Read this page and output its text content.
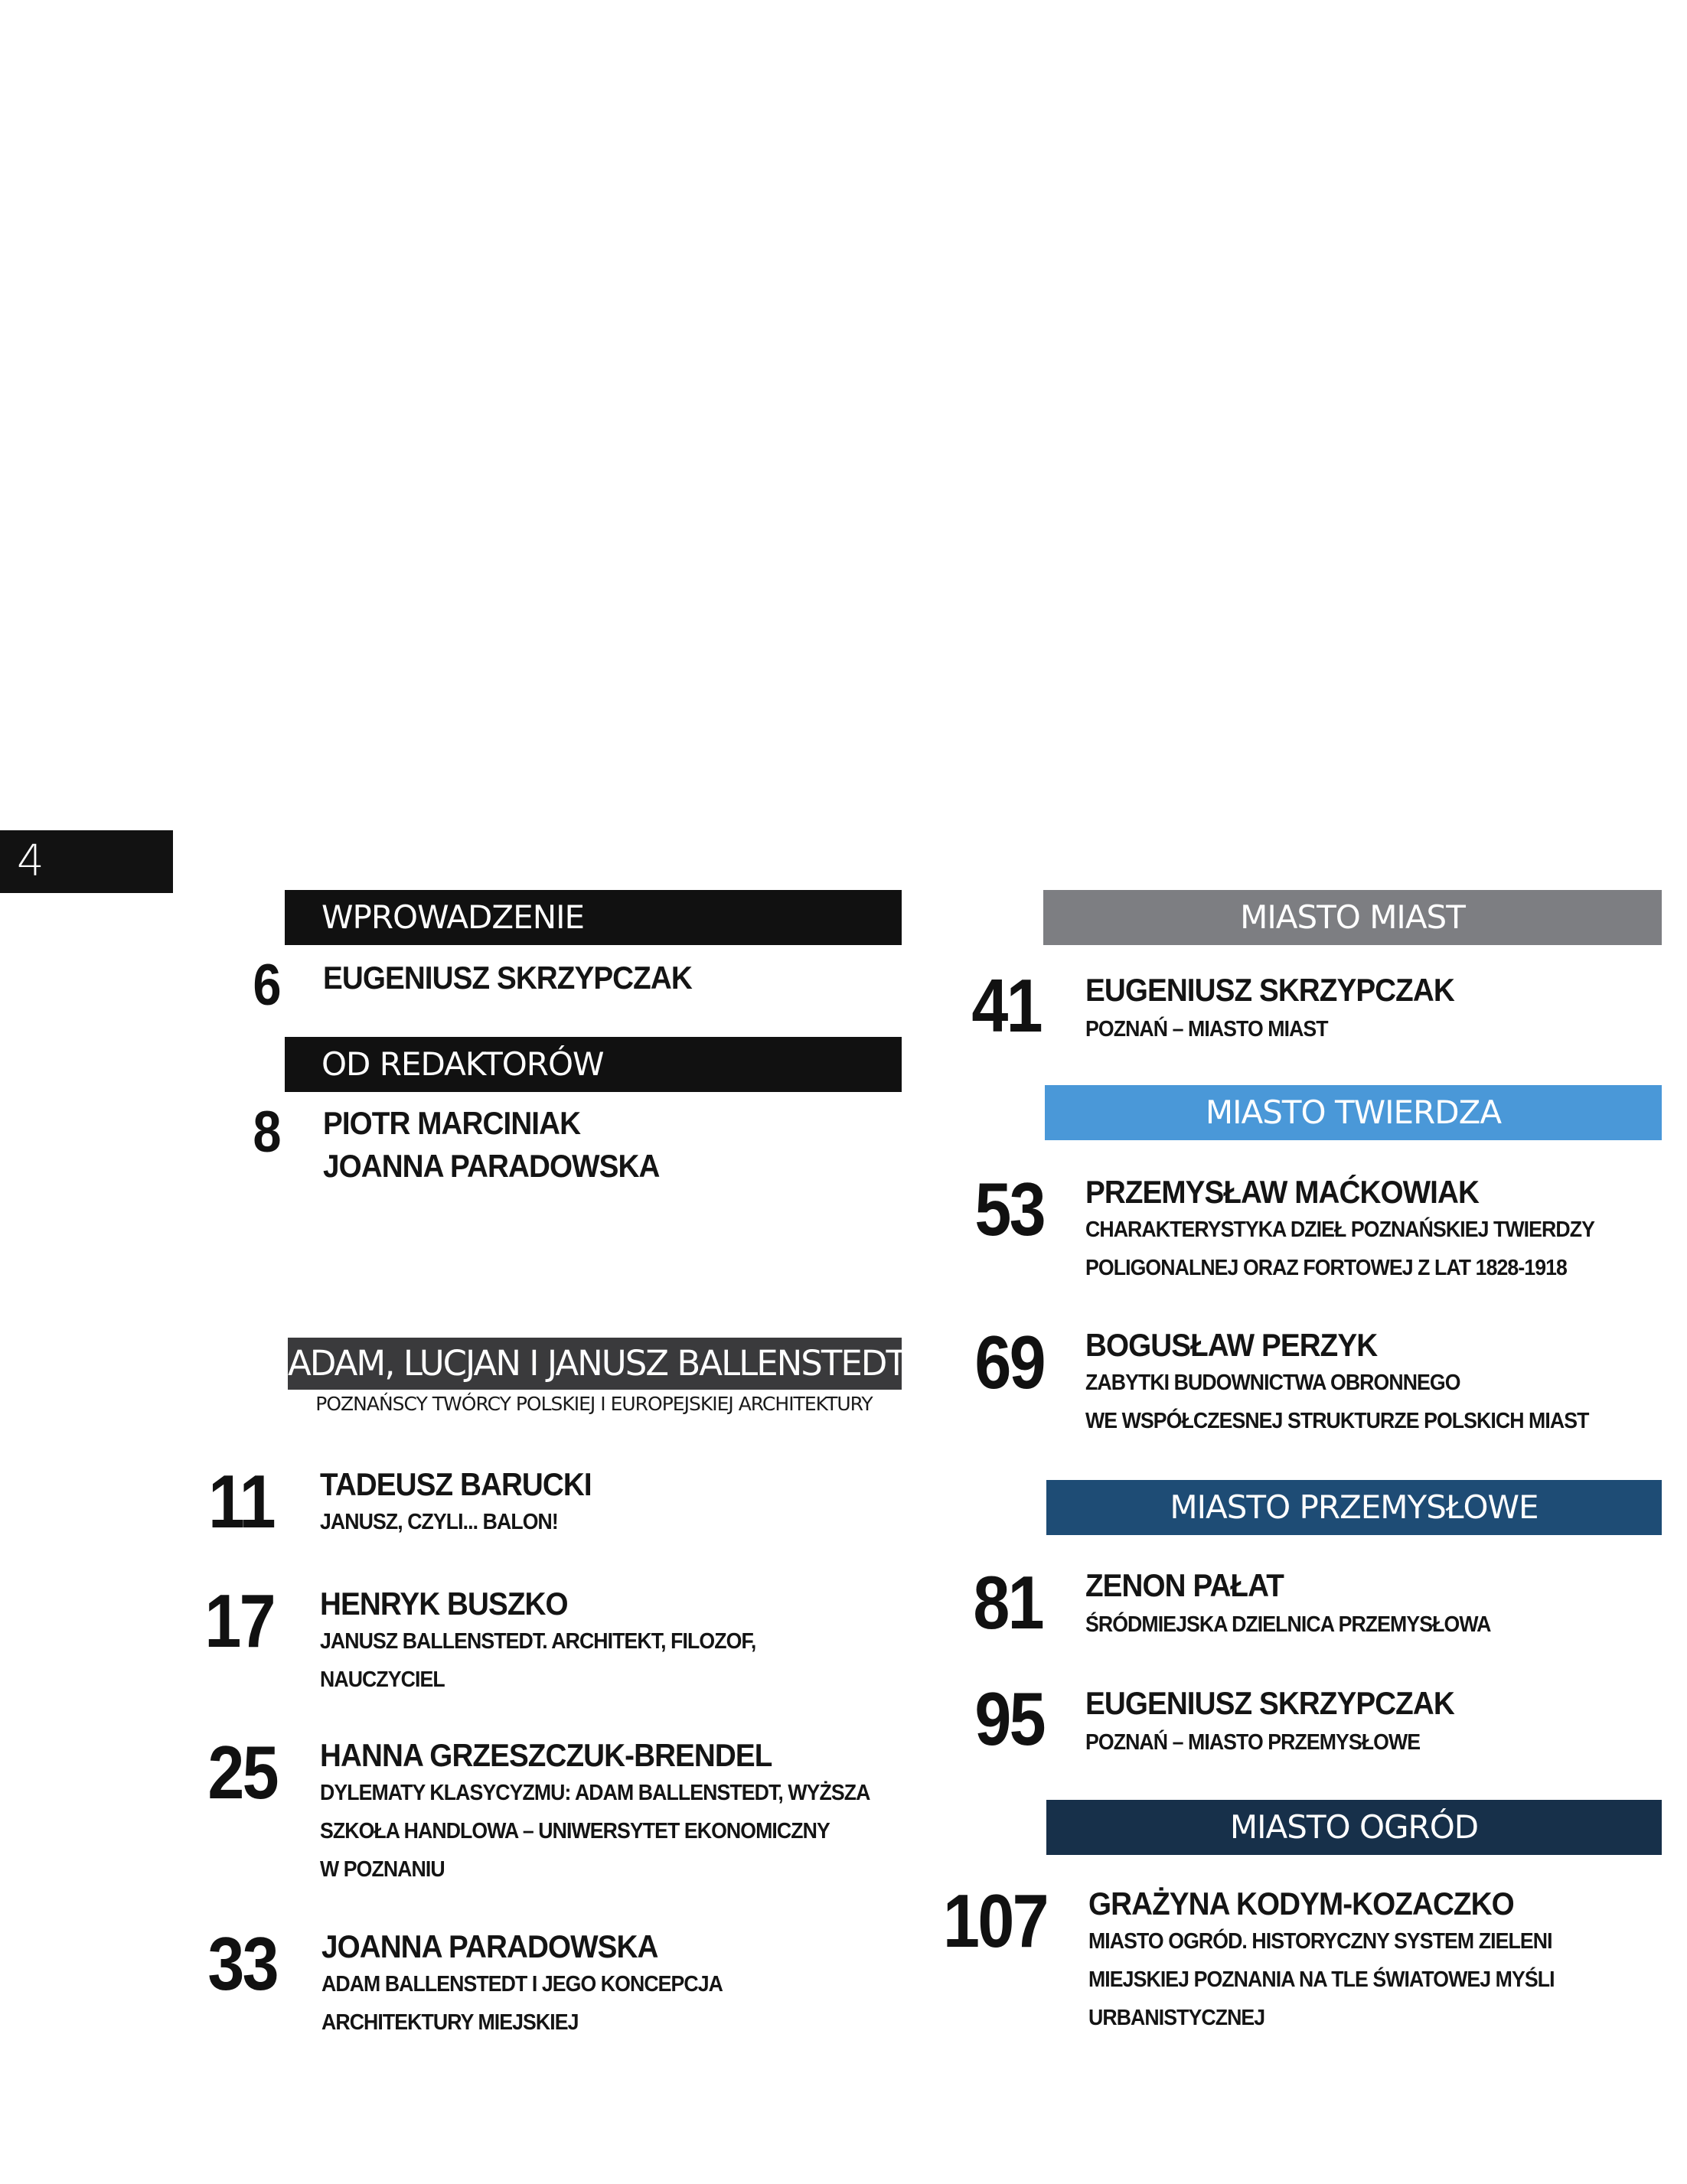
4
WPROWADZENIE
6 EUGENIUSZ SKRZYPCZAK
OD REDAKTORÓW
8 PIOTR MARCINIAK
JOANNA PARADOWSKA
ADAM, LUCJAN I JANUSZ BALLENSTEDT
POZNAŃSCY TWÓRCY POLSKIEJ I EUROPEJSKIEJ ARCHITEKTURY
11 TADEUSZ BARUCKI
JANUSZ, CZYLI... BALON!
17 HENRYK BUSZKO
JANUSZ BALLENSTEDT. ARCHITEKT, FILOZOF,
NAUCZYCIEL
25 HANNA GRZESZCZUK-BRENDEL
DYLEMATY KLASYCYZMU: ADAM BALLENSTEDT, WYŻSZA
SZKOŁA HANDLOWA – UNIWERSYTET EKONOMICZNY
W POZNANIU
33 JOANNA PARADOWSKA
ADAM BALLENSTEDT I JEGO KONCEPCJA
ARCHITEKTURY MIEJSKIEJ
MIASTO MIAST
41 EUGENIUSZ SKRZYPCZAK
POZNAŃ – MIASTO MIAST
MIASTO TWIERDZA
53 PRZEMYSŁAW MAĆKOWIAK
CHARAKTERYSTYKA DZIEŁ POZNAŃSKIEJ TWIERDZY
POLIGONALNEJ ORAZ FORTOWEJ Z LAT 1828-1918
69 BOGUSŁAW PERZYK
ZABYTKI BUDOWNICTWA OBRONNEGO
WE WSPÓŁCZESNEJ STRUKTURZE POLSKICH MIAST
MIASTO PRZEMYSŁOWE
81 ZENON PAŁAT
ŚRÓDMIEJSKA DZIELNICA PRZEMYSŁOWA
95 EUGENIUSZ SKRZYPCZAK
POZNAŃ – MIASTO PRZEMYSŁOWE
MIASTO OGRÓD
107 GRAŻYNA KODYM-KOZACZKO
MIASTO OGRÓD. HISTORYCZNY SYSTEM ZIELENI
MIEJSKIEJ POZNANIA NA TLE ŚWIATOWEJ MYŚLI
URBANISTYCZNEJ
